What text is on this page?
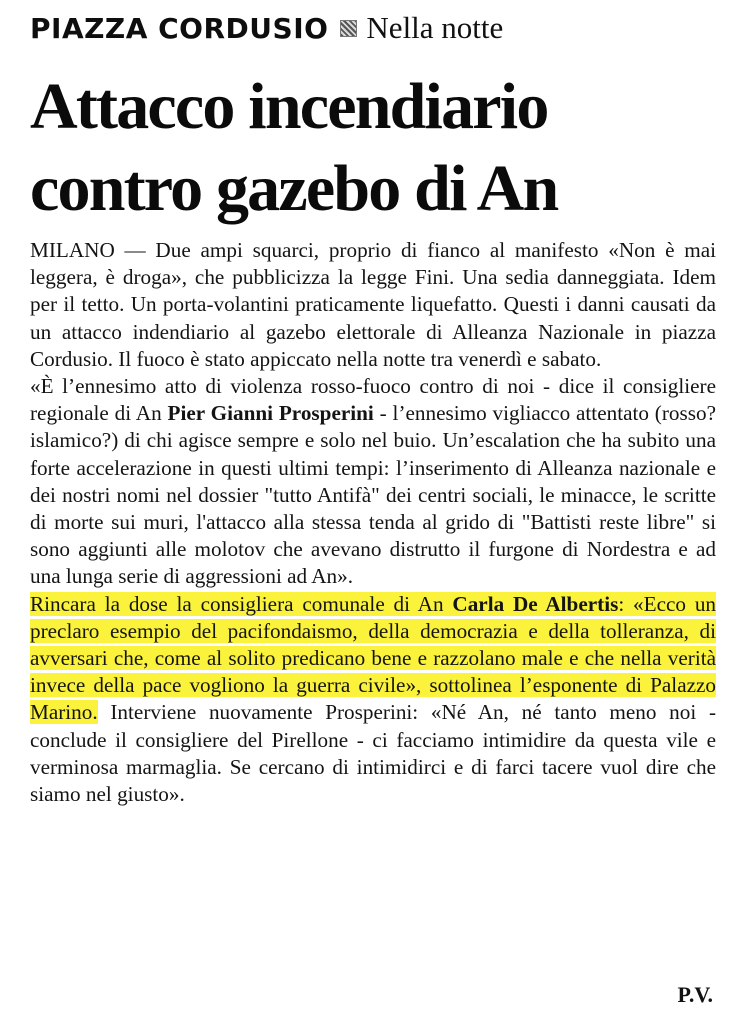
PIAZZA CORDUSIO Nella notte
Attacco incendiario
contro gazebo di An

MILANO — Due ampi squarci, proprio di fianco al manifesto «Non è mai leggera, è droga», che pubblicizza la legge Fini. Una sedia danneggiata. Idem per il tetto. Un porta-volantini praticamente liquefatto. Questi i danni causati da un attacco indendiario al gazebo elettorale di Alleanza Nazionale in piazza Cordusio. Il fuoco è stato appiccato nella notte tra venerdì e sabato.

«È l’ennesimo atto di violenza rosso-fuoco contro di noi - dice il consigliere regionale di An Pier Gianni Prosperini - l’ennesimo vigliacco attentato (rosso? islamico?) di chi agisce sempre e solo nel buio. Un’escalation che ha subito una forte accelerazione in questi ultimi tempi: l’inserimento di Alleanza nazionale e dei nostri nomi nel dossier "tutto Antifà" dei centri sociali, le minacce, le scritte di morte sui muri, l'attacco alla stessa tenda al grido di "Battisti reste libre" si sono aggiunti alle molotov che avevano distrutto il furgone di Nordestra e ad una lunga serie di aggressioni ad An».

Rincara la dose la consigliera comunale di An Carla De Albertis: «Ecco un preclaro esempio del pacifondaismo, della democrazia e della tolleranza, di avversari che, come al solito predicano bene e razzolano male e che nella verità invece della pace vogliono la guerra civile», sottolinea l’esponente di Palazzo Marino. Interviene nuovamente Prosperini: «Né An, né tanto meno noi - conclude il consigliere del Pirellone - ci facciamo intimidire da questa vile e verminosa marmaglia. Se cercano di intimidirci e di farci tacere vuol dire che siamo nel giusto».

P.V.
